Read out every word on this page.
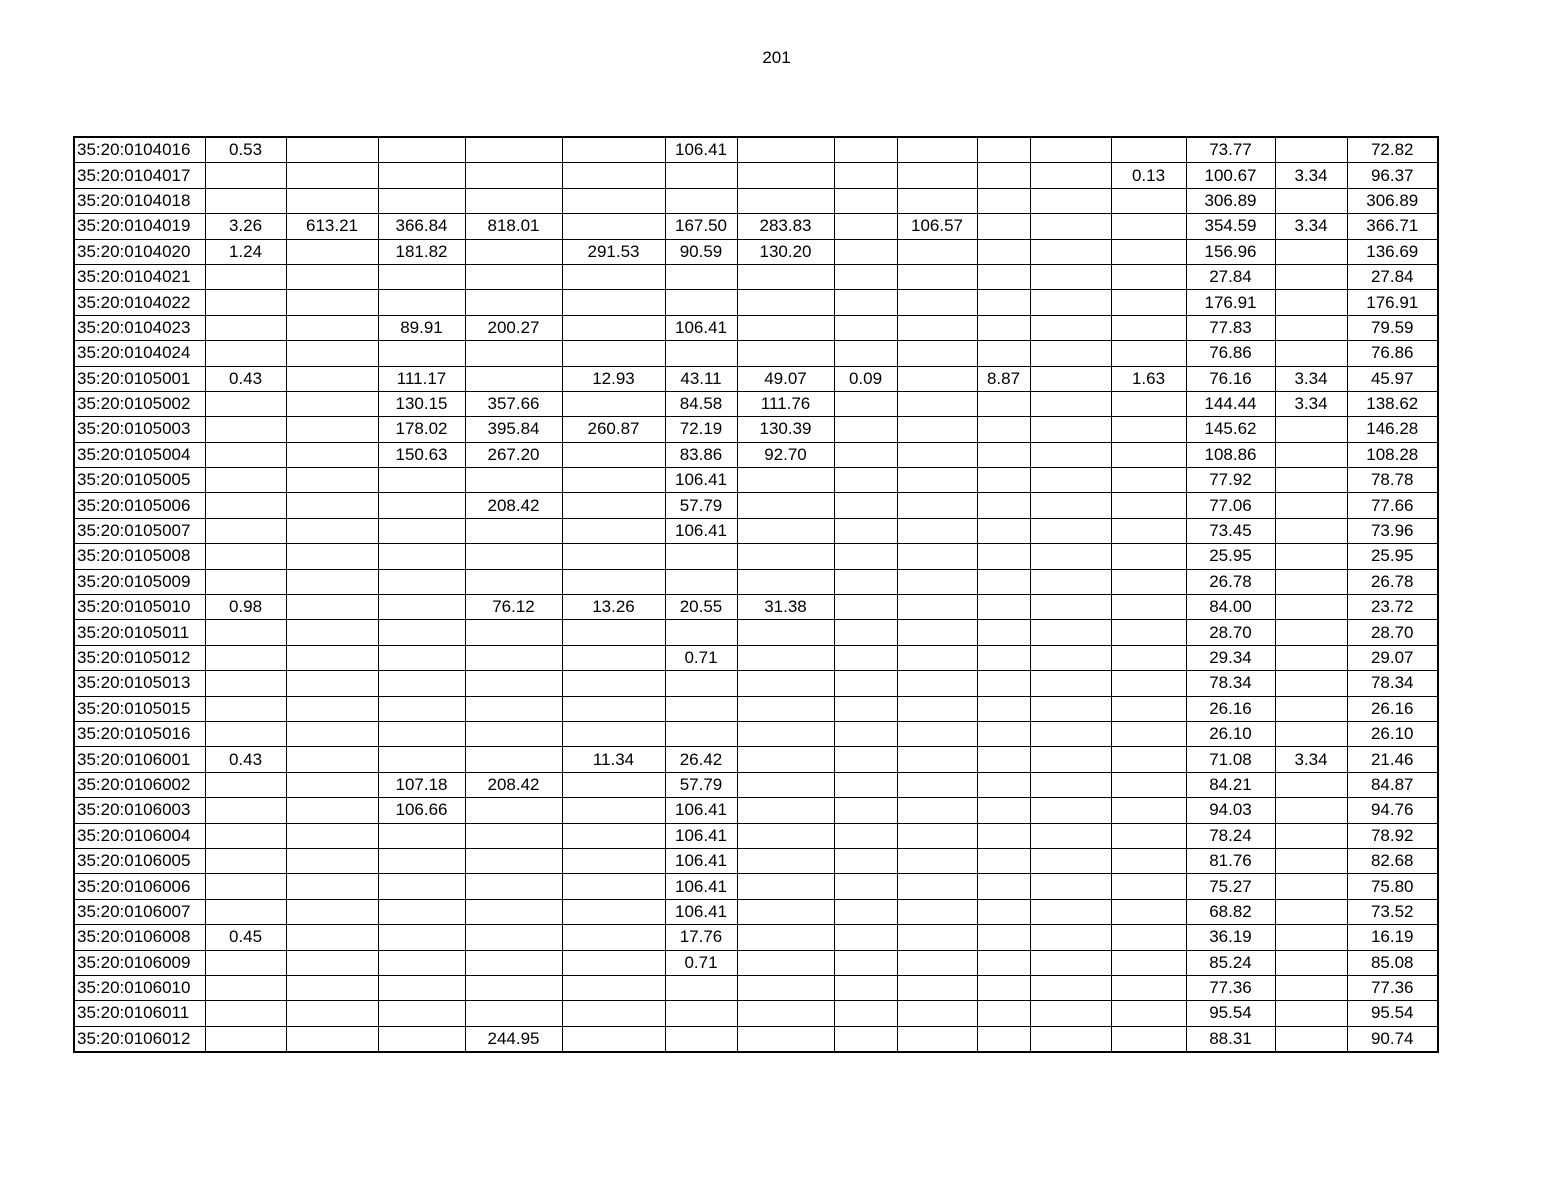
201
35:20:0104016	0.53					106.41							73.77		72.82
35:20:0104017												0.13	100.67	3.34	96.37
35:20:0104018													306.89		306.89
35:20:0104019	3.26	613.21	366.84	818.01		167.50	283.83		106.57				354.59	3.34	366.71
35:20:0104020	1.24		181.82		291.53	90.59	130.20						156.96		136.69
35:20:0104021													27.84		27.84
35:20:0104022													176.91		176.91
35:20:0104023			89.91	200.27		106.41							77.83		79.59
35:20:0104024													76.86		76.86
35:20:0105001	0.43		111.17		12.93	43.11	49.07	0.09		8.87		1.63	76.16	3.34	45.97
35:20:0105002			130.15	357.66		84.58	111.76						144.44	3.34	138.62
35:20:0105003			178.02	395.84	260.87	72.19	130.39						145.62		146.28
35:20:0105004			150.63	267.20		83.86	92.70						108.86		108.28
35:20:0105005						106.41							77.92		78.78
35:20:0105006				208.42		57.79							77.06		77.66
35:20:0105007						106.41							73.45		73.96
35:20:0105008													25.95		25.95
35:20:0105009													26.78		26.78
35:20:0105010	0.98			76.12	13.26	20.55	31.38						84.00		23.72
35:20:0105011													28.70		28.70
35:20:0105012						0.71							29.34		29.07
35:20:0105013													78.34		78.34
35:20:0105015													26.16		26.16
35:20:0105016													26.10		26.10
35:20:0106001	0.43				11.34	26.42							71.08	3.34	21.46
35:20:0106002			107.18	208.42		57.79							84.21		84.87
35:20:0106003			106.66			106.41							94.03		94.76
35:20:0106004						106.41							78.24		78.92
35:20:0106005						106.41							81.76		82.68
35:20:0106006						106.41							75.27		75.80
35:20:0106007						106.41							68.82		73.52
35:20:0106008	0.45					17.76							36.19		16.19
35:20:0106009						0.71							85.24		85.08
35:20:0106010													77.36		77.36
35:20:0106011													95.54		95.54
35:20:0106012				244.95									88.31		90.74
